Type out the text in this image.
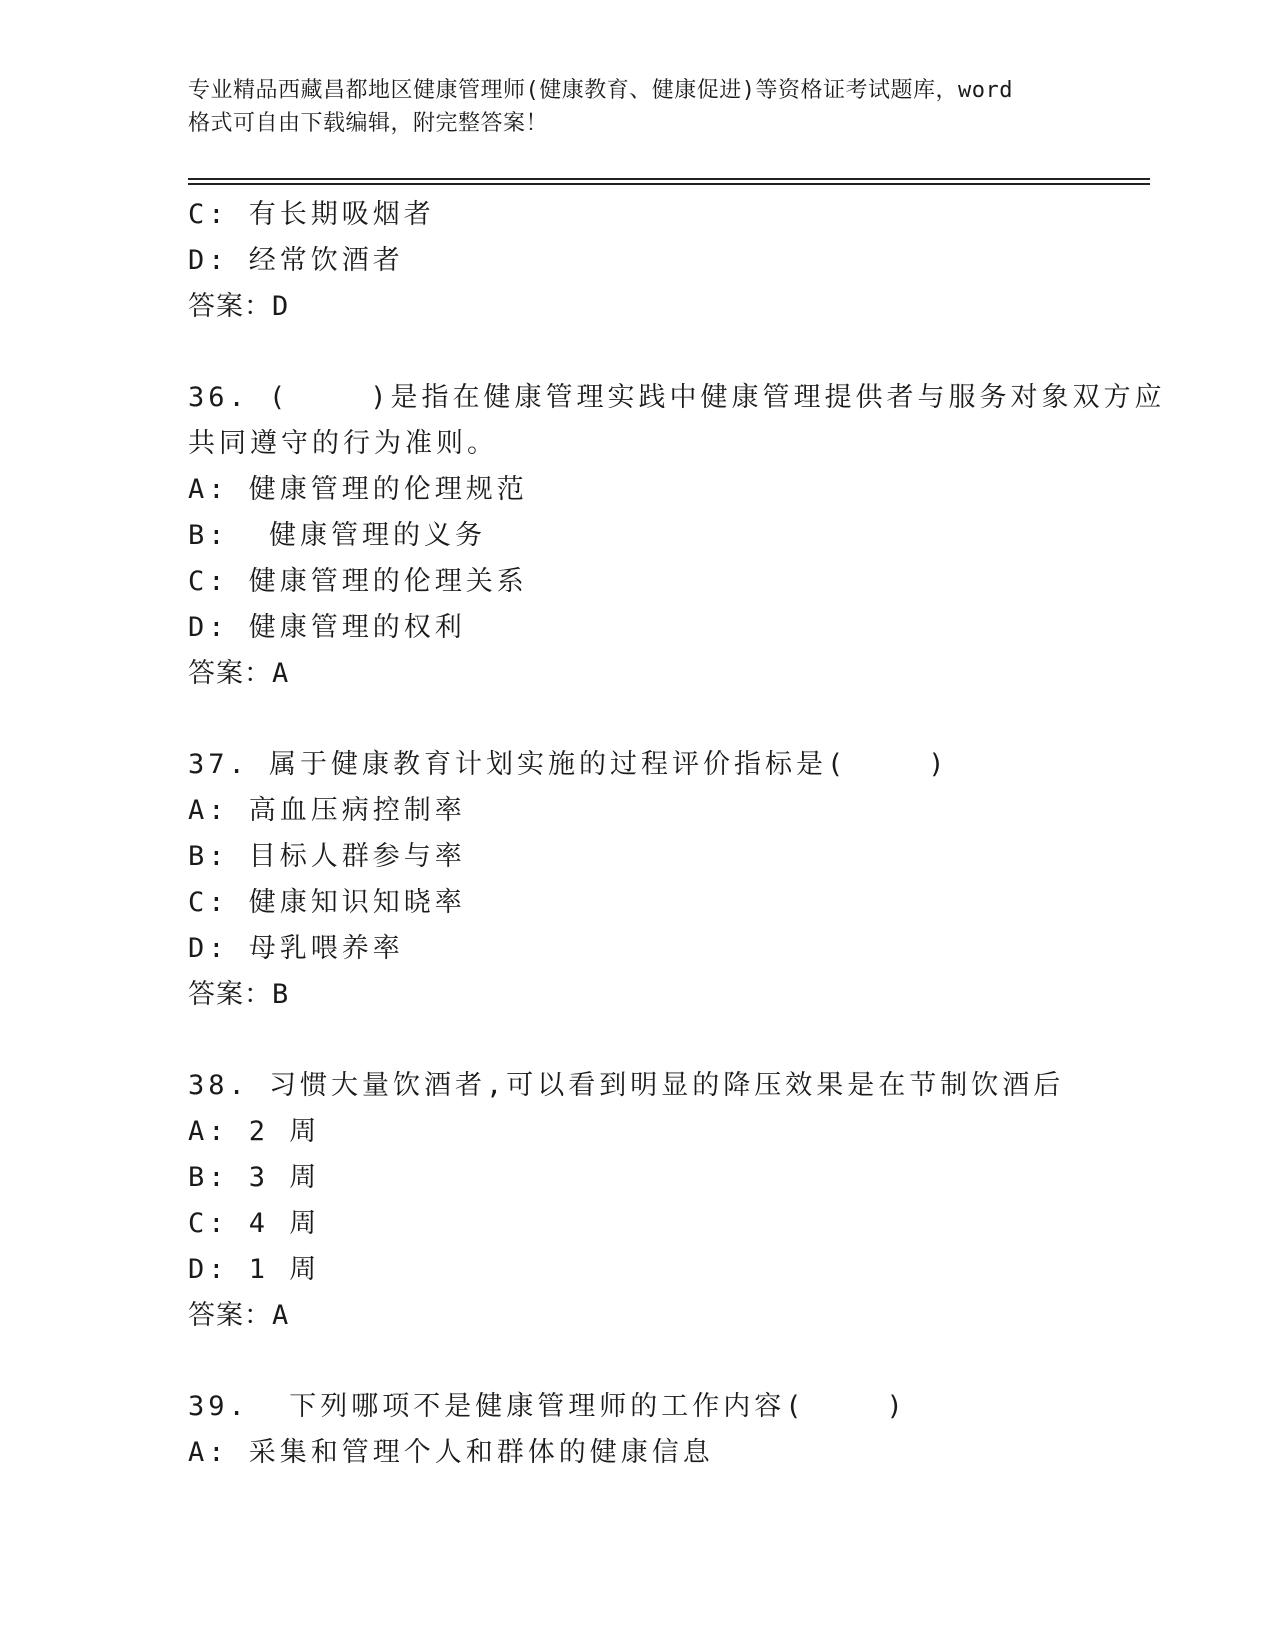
专业精品西藏昌都地区健康管理师(健康教育、健康促进)等资格证考试题库，word
格式可自由下载编辑，附完整答案！
C: 有长期吸烟者
D: 经常饮酒者
答案：D
36. (    )是指在健康管理实践中健康管理提供者与服务对象双方应
共同遵守的行为准则。
A: 健康管理的伦理规范
B:  健康管理的义务
C: 健康管理的伦理关系
D: 健康管理的权利
答案：A
37. 属于健康教育计划实施的过程评价指标是(    )
A: 高血压病控制率
B: 目标人群参与率
C: 健康知识知晓率
D: 母乳喂养率
答案：B
38. 习惯大量饮酒者,可以看到明显的降压效果是在节制饮酒后
A: 2 周
B: 3 周
C: 4 周
D: 1 周
答案：A
39.  下列哪项不是健康管理师的工作内容(    )
A: 采集和管理个人和群体的健康信息
